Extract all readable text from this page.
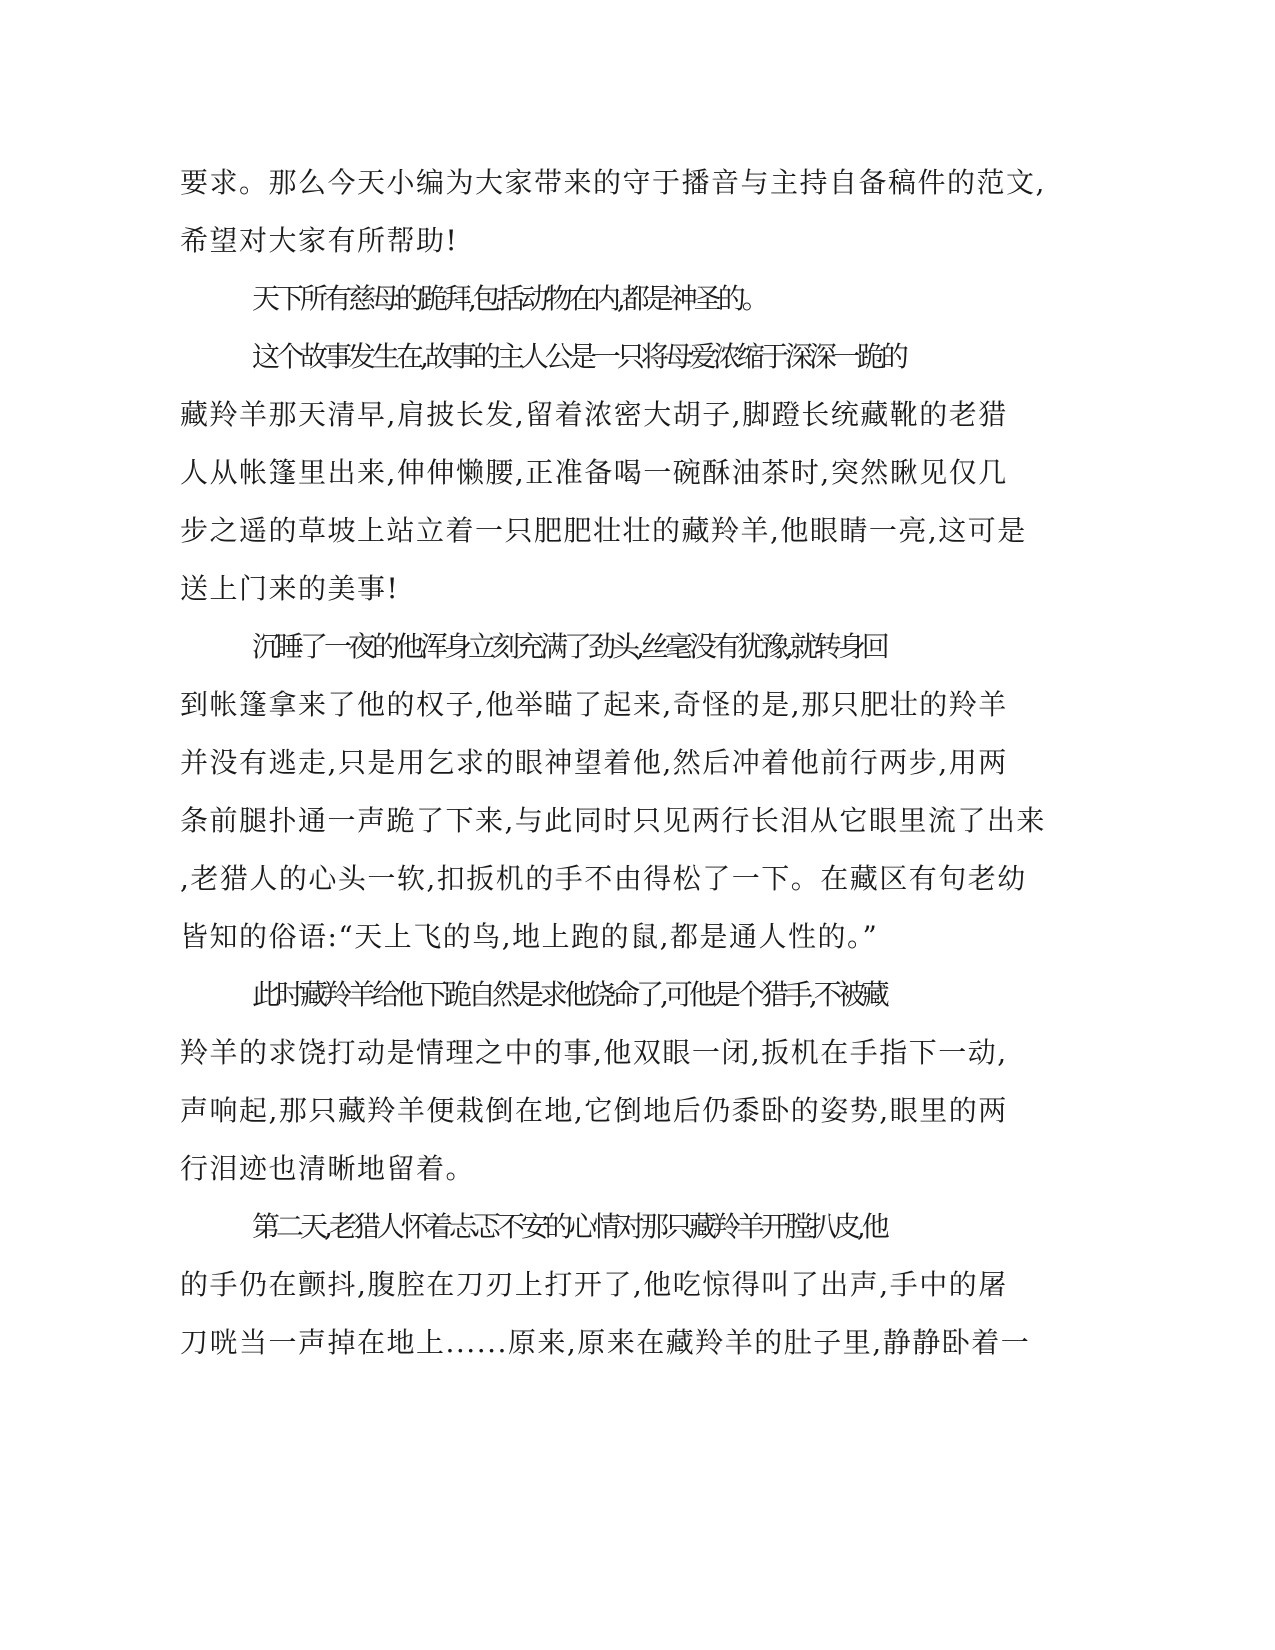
要求。那么今天小编为大家带来的守于播音与主持自备稿件的范文,
希望对大家有所帮助!
天下所有慈母的跪拜,包括动物在内,都是神圣的。
这个故事发生在,故事的主人公是一只将母爱浓缩于深深一跪的
藏羚羊那天清早,肩披长发,留着浓密大胡子,脚蹬长统藏靴的老猎
人从帐篷里出来,伸伸懒腰,正准备喝一碗酥油茶时,突然瞅见仅几
步之遥的草坡上站立着一只肥肥壮壮的藏羚羊,他眼睛一亮,这可是
送上门来的美事!
沉睡了一夜的他浑身立刻充满了劲头,丝毫没有犹豫,就转身回
到帐篷拿来了他的权子,他举瞄了起来,奇怪的是,那只肥壮的羚羊
并没有逃走,只是用乞求的眼神望着他,然后冲着他前行两步,用两
条前腿扑通一声跪了下来,与此同时只见两行长泪从它眼里流了出来
,老猎人的心头一软,扣扳机的手不由得松了一下。在藏区有句老幼
皆知的俗语:“天上飞的鸟,地上跑的鼠,都是通人性的。”
此时藏羚羊给他下跪自然是求他饶命了,可他是个猎手,不被藏
羚羊的求饶打动是情理之中的事,他双眼一闭,扳机在手指下一动,
声响起,那只藏羚羊便栽倒在地,它倒地后仍黍卧的姿势,眼里的两
行泪迹也清晰地留着。
第二天,老猎人怀着忐忑不安的心情对那只藏羚羊开膛扒皮,他
的手仍在颤抖,腹腔在刀刃上打开了,他吃惊得叫了出声,手中的屠
刀咣当一声掉在地上......原来,原来在藏羚羊的肚子里,静静卧着一
